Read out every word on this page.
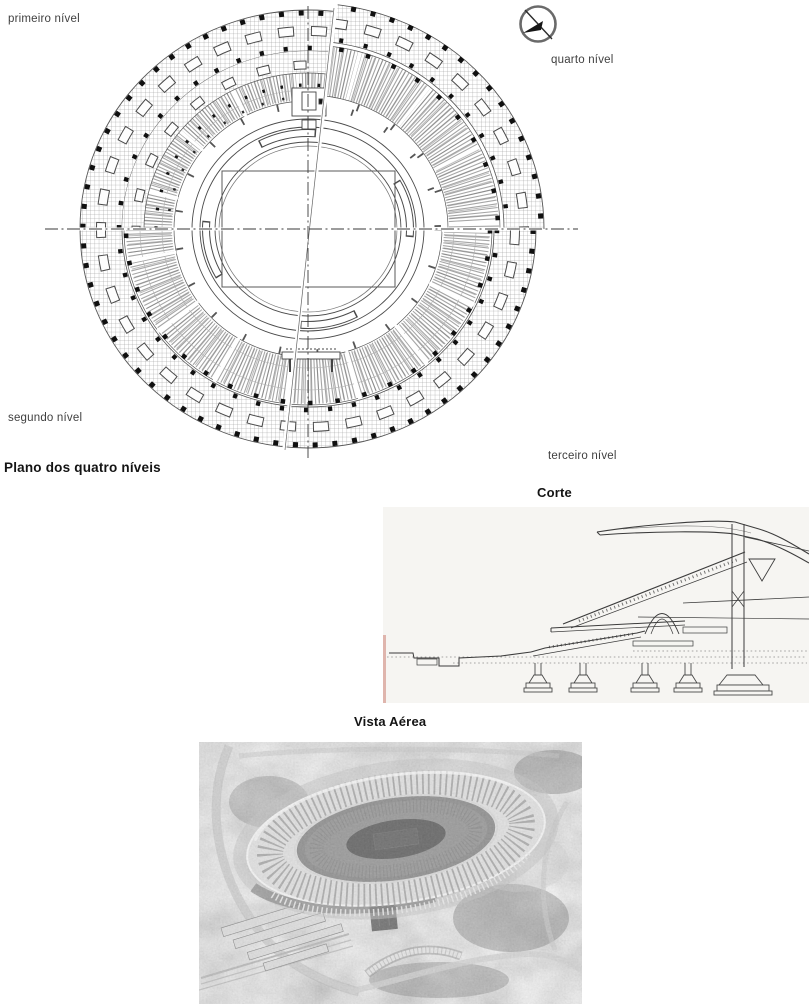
primeiro nível
quarto nível
segundo nível
terceiro nível
Plano dos quatro níveis
Corte
Vista Aérea
